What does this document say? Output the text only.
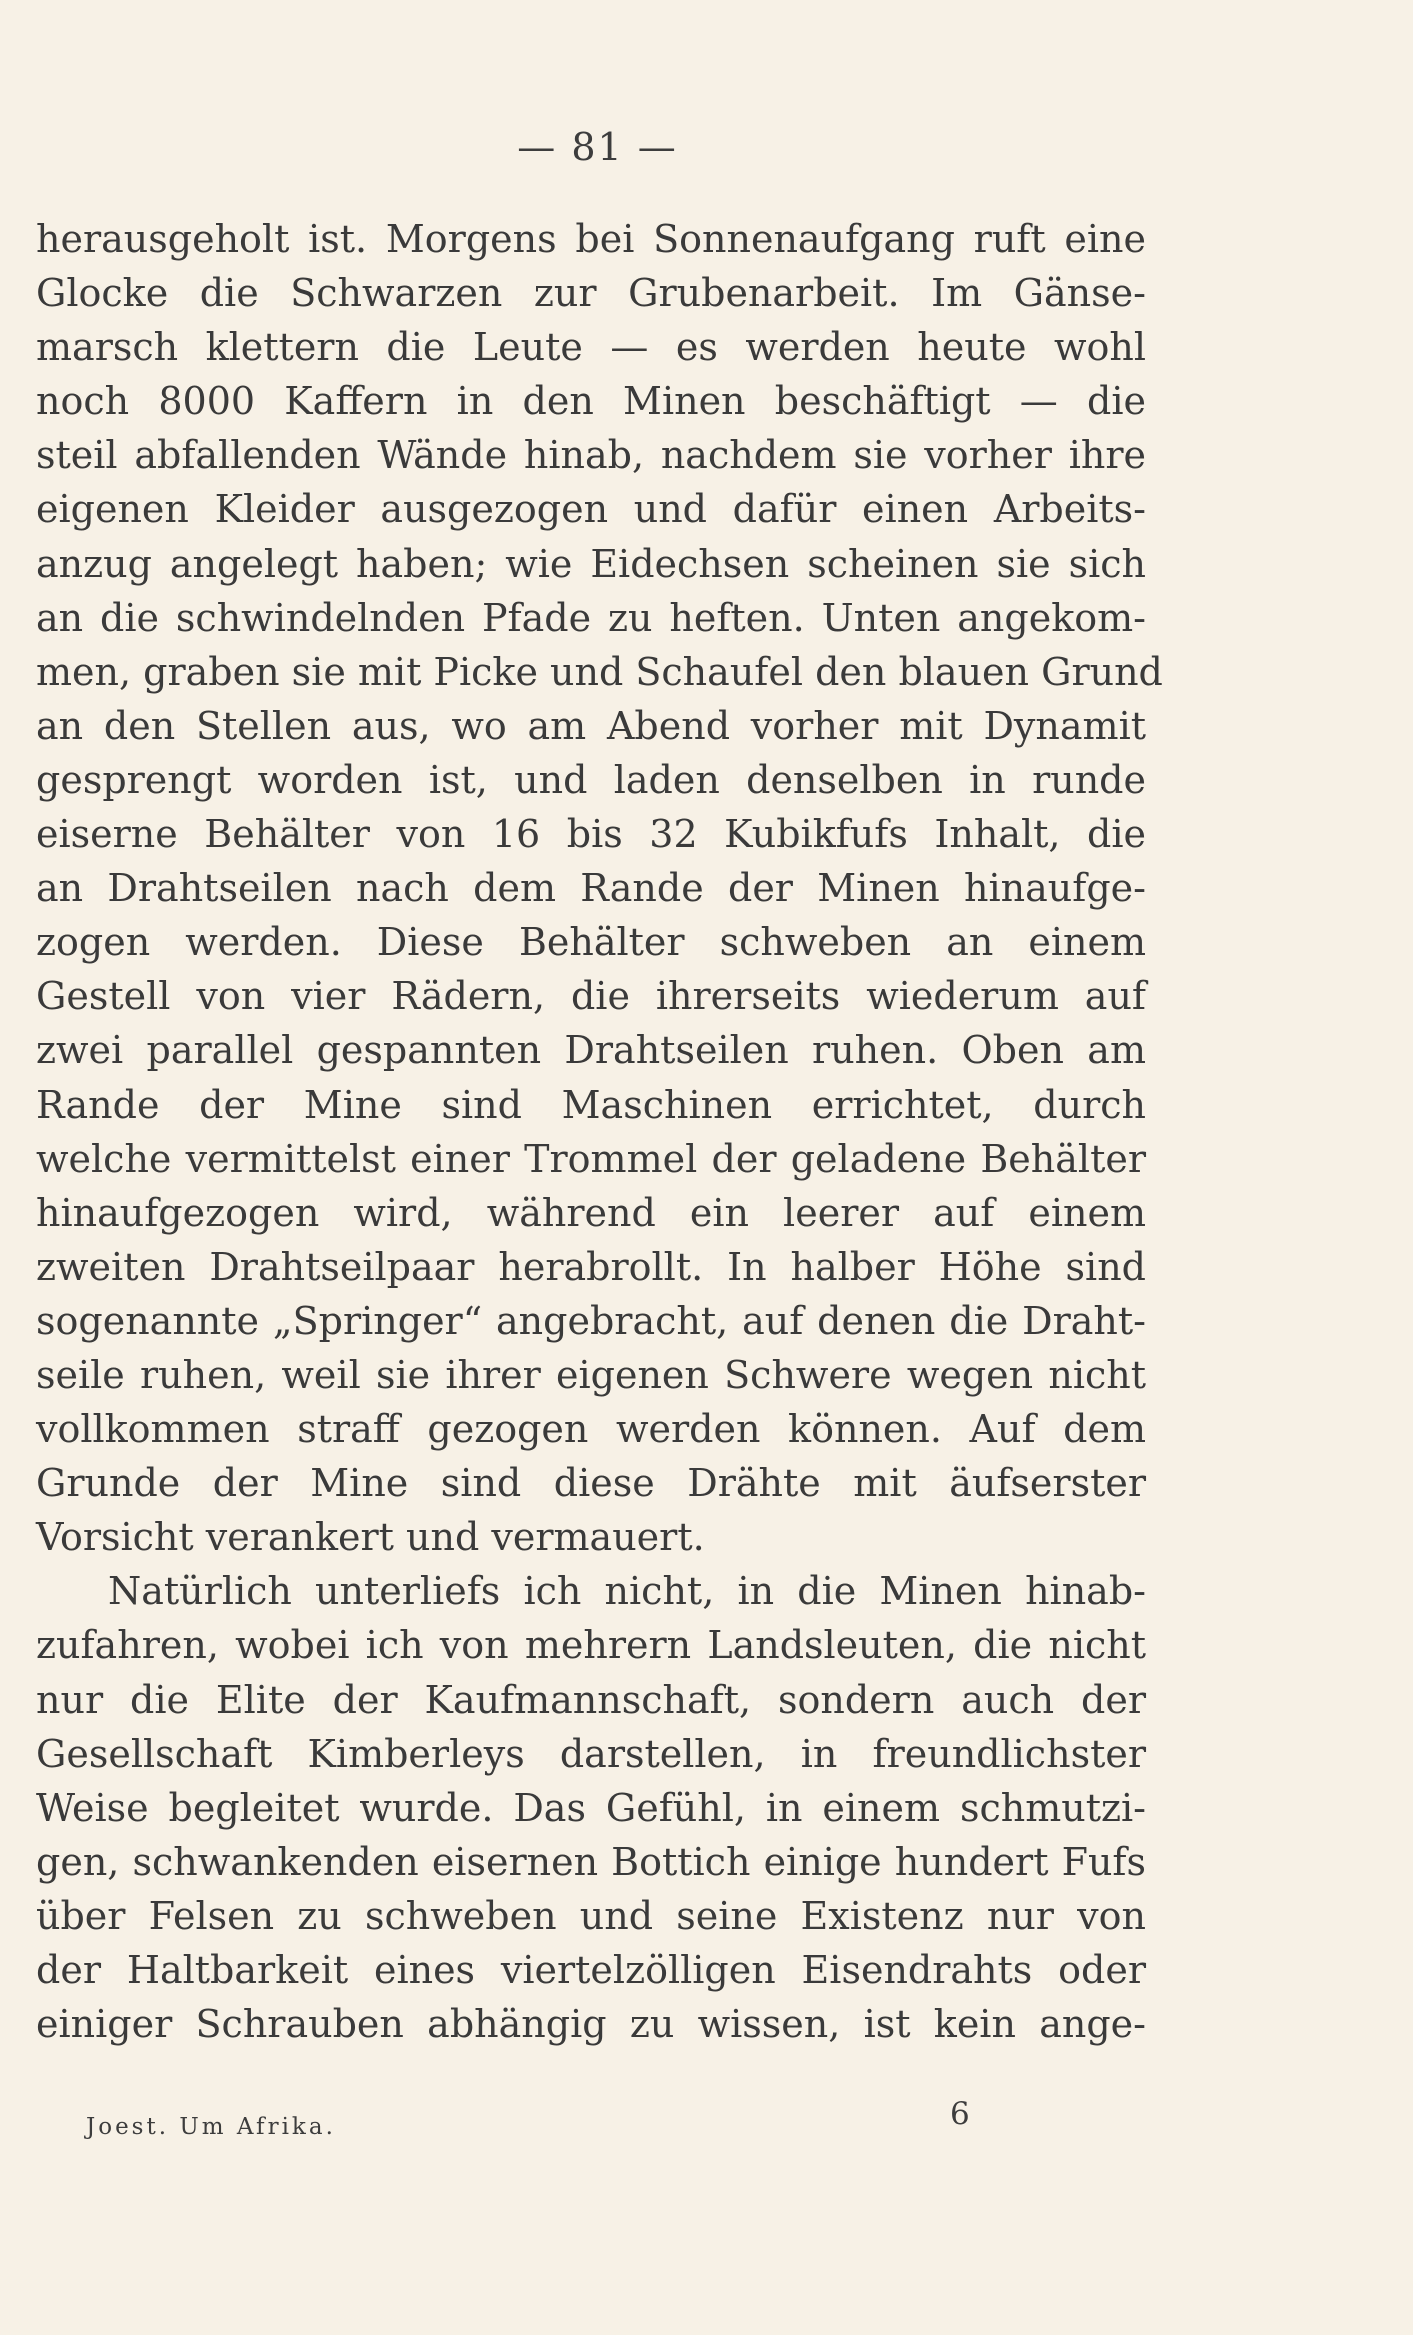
— 81 —
herausgeholt ist. Morgens bei Sonnenaufgang ruft eine
Glocke die Schwarzen zur Grubenarbeit. Im Gänse-
marsch klettern die Leute — es werden heute wohl
noch 8000 Kaffern in den Minen beschäftigt — die
steil abfallenden Wände hinab, nachdem sie vorher ihre
eigenen Kleider ausgezogen und dafür einen Arbeits-
anzug angelegt haben; wie Eidechsen scheinen sie sich
an die schwindelnden Pfade zu heften. Unten angekom-
men, graben sie mit Picke und Schaufel den blauen Grund
an den Stellen aus, wo am Abend vorher mit Dynamit
gesprengt worden ist, und laden denselben in runde
eiserne Behälter von 16 bis 32 Kubikfufs Inhalt, die
an Drahtseilen nach dem Rande der Minen hinaufge-
zogen werden. Diese Behälter schweben an einem
Gestell von vier Rädern, die ihrerseits wiederum auf
zwei parallel gespannten Drahtseilen ruhen. Oben am
Rande der Mine sind Maschinen errichtet, durch
welche vermittelst einer Trommel der geladene Behälter
hinaufgezogen wird, während ein leerer auf einem
zweiten Drahtseilpaar herabrollt. In halber Höhe sind
sogenannte „Springer“ angebracht, auf denen die Draht-
seile ruhen, weil sie ihrer eigenen Schwere wegen nicht
vollkommen straff gezogen werden können. Auf dem
Grunde der Mine sind diese Drähte mit äufserster
Vorsicht verankert und vermauert.
Natürlich unterliefs ich nicht, in die Minen hinab-
zufahren, wobei ich von mehrern Landsleuten, die nicht
nur die Elite der Kaufmannschaft, sondern auch der
Gesellschaft Kimberleys darstellen, in freundlichster
Weise begleitet wurde. Das Gefühl, in einem schmutzi-
gen, schwankenden eisernen Bottich einige hundert Fufs
über Felsen zu schweben und seine Existenz nur von
der Haltbarkeit eines viertelzölligen Eisendrahts oder
einiger Schrauben abhängig zu wissen, ist kein ange-
Joest. Um Afrika.	6
